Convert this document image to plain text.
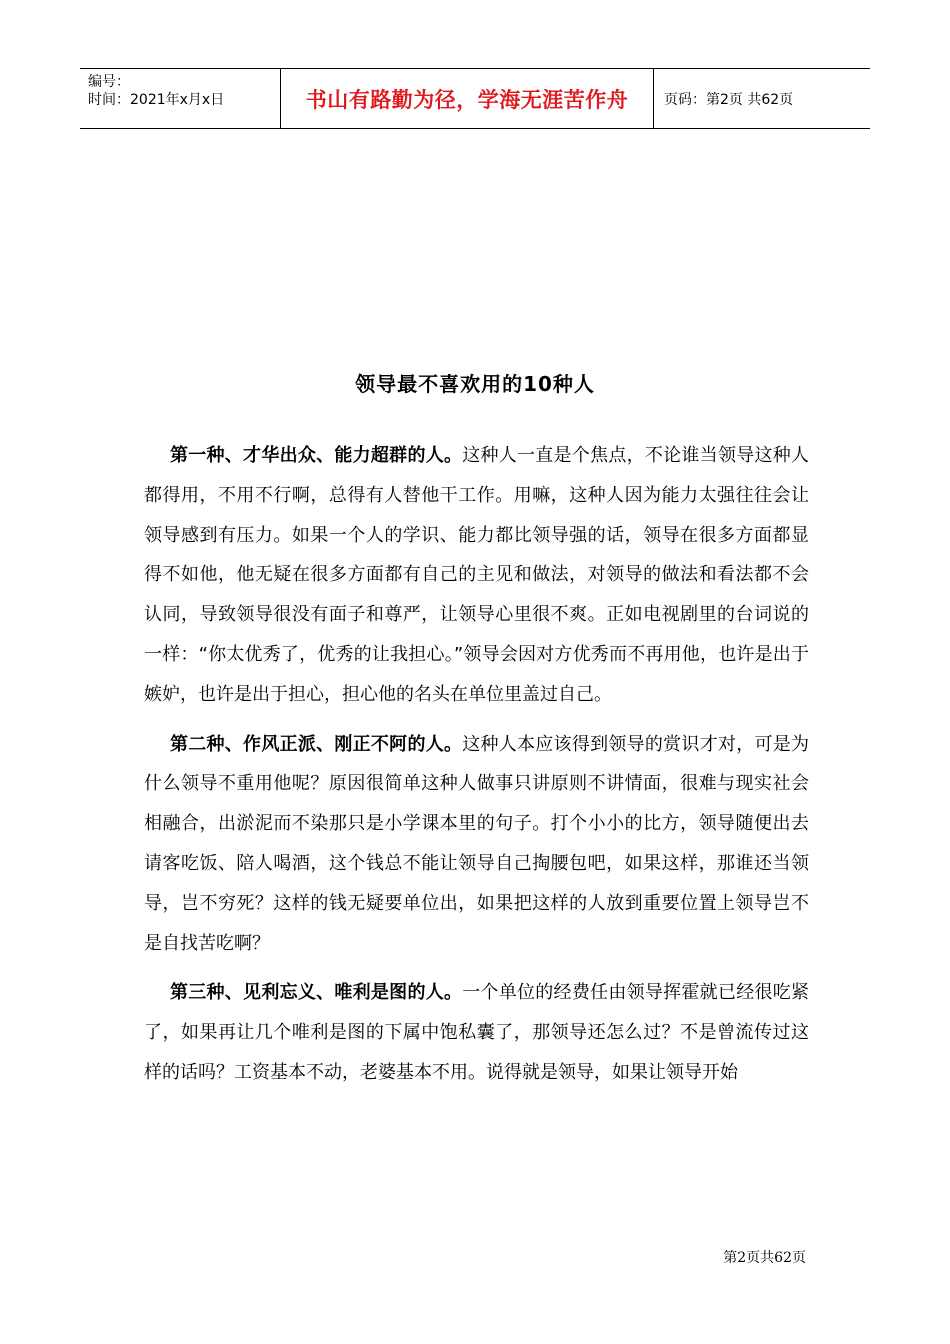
编号：
时间：2021年x月x日	书山有路勤为径，学海无涯苦作舟	页码：第2页 共62页
领导最不喜欢用的10种人

第一种、才华出众、能力超群的人。这种人一直是个焦点，不论谁当领导这种人都得用，不用不行啊，总得有人替他干工作。用嘛，这种人因为能力太强往往会让领导感到有压力。如果一个人的学识、能力都比领导强的话，领导在很多方面都显得不如他，他无疑在很多方面都有自己的主见和做法，对领导的做法和看法都不会认同，导致领导很没有面子和尊严，让领导心里很不爽。正如电视剧里的台词说的一样：“你太优秀了，优秀的让我担心。”领导会因对方优秀而不再用他，也许是出于嫉妒，也许是出于担心，担心他的名头在单位里盖过自己。

第二种、作风正派、刚正不阿的人。这种人本应该得到领导的赏识才对，可是为什么领导不重用他呢？原因很简单这种人做事只讲原则不讲情面，很难与现实社会相融合，出淤泥而不染那只是小学课本里的句子。打个小小的比方，领导随便出去请客吃饭、陪人喝酒，这个钱总不能让领导自己掏腰包吧，如果这样，那谁还当领导，岂不穷死？这样的钱无疑要单位出，如果把这样的人放到重要位置上领导岂不是自找苦吃啊？

第三种、见利忘义、唯利是图的人。一个单位的经费任由领导挥霍就已经很吃紧了，如果再让几个唯利是图的下属中饱私囊了，那领导还怎么过？不是曾流传过这样的话吗？工资基本不动，老婆基本不用。说得就是领导，如果让领导开始

第2页共62页
